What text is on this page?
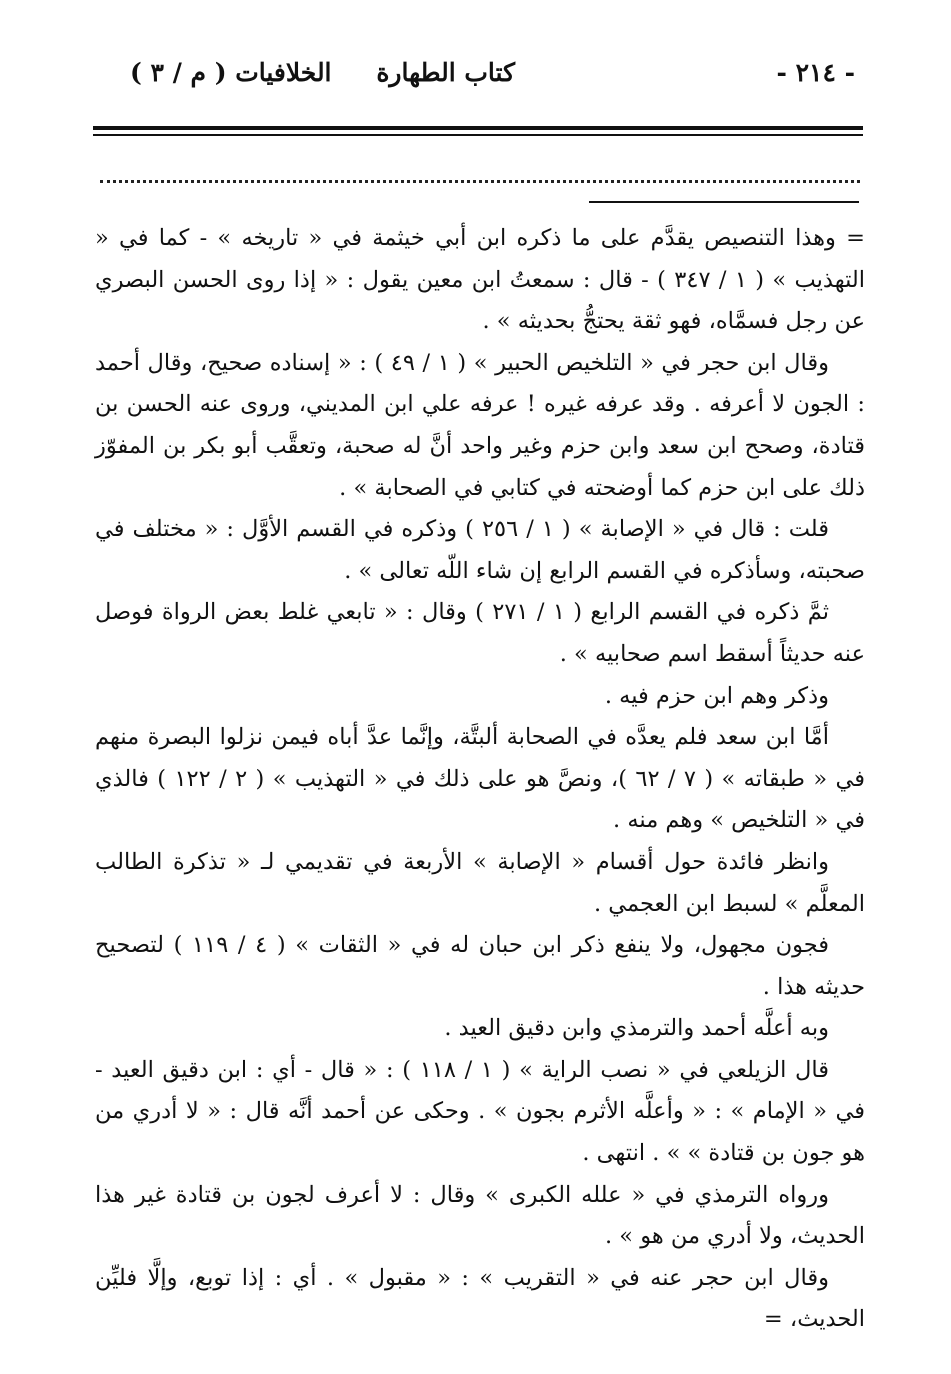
- ٢١٤ -
كتاب الطهارة
الخلافيات ( م / ٣ )

= وهذا التنصيص يقدَّم على ما ذكره ابن أبي خيثمة في « تاريخه » - كما في « التهذيب » ( ١ / ٣٤٧ ) - قال : سمعتُ ابن معين يقول : « إذا روى الحسن البصري عن رجل فسمَّاه، فهو ثقة يحتجُّ بحديثه » .

وقال ابن حجر في « التلخيص الحبير » ( ١ / ٤٩ ) : « إسناده صحيح، وقال أحمد : الجون لا أعرفه . وقد عرفه غيره ! عرفه علي ابن المديني، وروى عنه الحسن بن قتادة، وصحح ابن سعد وابن حزم وغير واحد أنَّ له صحبة، وتعقَّب أبو بكر بن المفوّز ذلك على ابن حزم كما أوضحته في كتابي في الصحابة » .

قلت : قال في « الإصابة » ( ١ / ٢٥٦ ) وذكره في القسم الأوَّل : « مختلف في صحبته، وسأذكره في القسم الرابع إن شاء اللّه تعالى » .

ثمَّ ذكره في القسم الرابع ( ١ / ٢٧١ ) وقال : « تابعي غلط بعض الرواة فوصل عنه حديثاً أسقط اسم صحابيه » .

وذكر وهم ابن حزم فيه .

أمَّا ابن سعد فلم يعدَّه في الصحابة ألبتَّة، وإنَّما عدَّ أباه فيمن نزلوا البصرة منهم في « طبقاته » ( ٧ / ٦٢ )، ونصَّ هو على ذلك في « التهذيب » ( ٢ / ١٢٢ ) فالذي في « التلخيص » وهم منه .

وانظر فائدة حول أقسام « الإصابة » الأربعة في تقديمي لـ « تذكرة الطالب المعلَّم » لسبط ابن العجمي .

فجون مجهول، ولا ينفع ذكر ابن حبان له في « الثقات » ( ٤ / ١١٩ ) لتصحيح حديثه هذا .

وبه أعلَّه أحمد والترمذي وابن دقيق العيد .

قال الزيلعي في « نصب الراية » ( ١ / ١١٨ ) : « قال - أي : ابن دقيق العيد - في « الإمام » : « وأعلَّه الأثرم بجون » . وحكى عن أحمد أنَّه قال : « لا أدري من هو جون بن قتادة » » . انتهى .

ورواه الترمذي في « علله الكبرى » وقال : لا أعرف لجون بن قتادة غير هذا الحديث، ولا أدري من هو » .

وقال ابن حجر عنه في « التقريب » : « مقبول » . أي : إذا توبع، وإلَّا فليِّن الحديث، =
